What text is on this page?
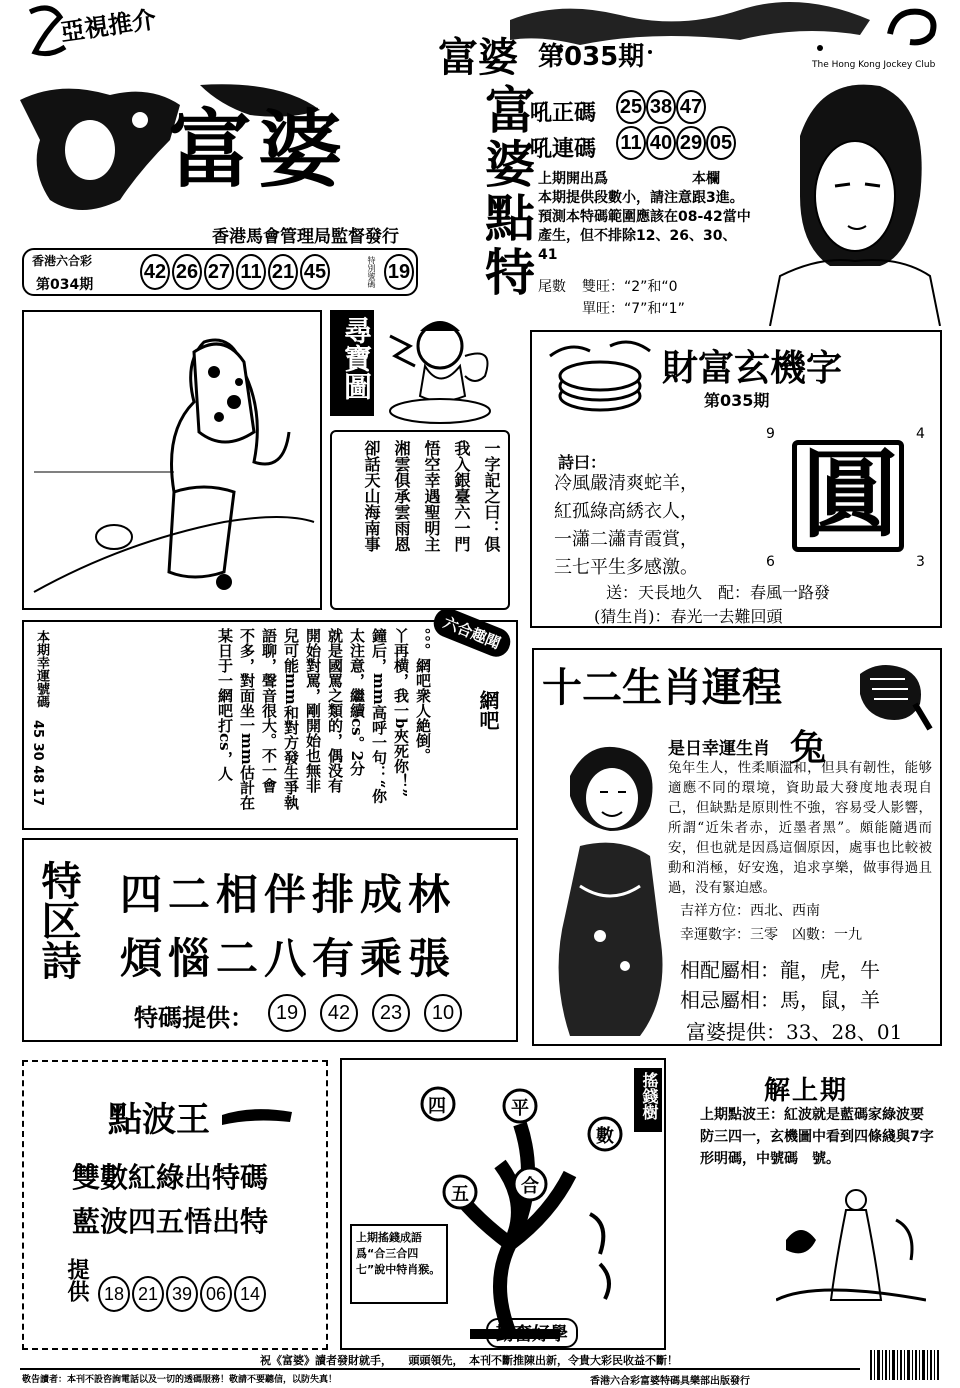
亞視推介
富婆 第035期	The Hong Kong Jockey Club
富婆
香港馬會管理局監督發行
香港六合彩
第034期
42 26 27 11 21 45	特別號碼 19 富婆點特
吼正碼 25 38 47
吼連碼 11 40 29 05
上期開出爲　　　　　　本欄
本期提供段數小，請注意跟3進。
預測本特碼範圍應該在08-42當中
產生，但不排除12、26、30、
41
尾數 雙旺：“2”和“0
單旺：“7”和“1”
尋寶圖
一字記之曰：俱
我入銀臺六一門
悟空幸遇聖明主
湘雲俱承雲雨恩
卻話天山海南事
財富玄機字
第035期
9	4
6	3
詩曰：
冷風嚴清爽蛇羊，
紅孤綠高綉衣人，
一瀟二瀟青霞賞，
三七平生多感激。
圓
送：天長地久　配：春風一路發
(猜生肖)：春光一去難回頭
本期幸運號碼
45 30 48 17	。。。網吧衆人絶倒。
丫再横，我一b夾死你！”
鐘后，mm高呼一句：“你
太注意，繼續cs。2分
就是國罵之類的，偶没有
開始對罵，剛開始也無非
兒可能mm和對方發生爭執
語聊，聲音很大。不一會
不多，對面坐一mm估計在
某日于一網吧打cs，人	六合趣聞
網吧 十二生肖運程
是日幸運生肖 兔
兔年生人，性柔順溫和，但具有韌性，能够適應不同的環境，資助最大發度地表現自己，但缺點是原則性不強，容易受人影響，所謂“近朱者赤，近墨者黑”。頗能隨遇而安，但也就是因爲這個原因，處事也比較被動和消極，好安逸，追求享樂，做事得過且過，没有緊迫感。
吉祥方位：西北、西南
幸運數字：三零　凶數：一九
相配屬相：龍，虎，牛
相忌屬相：馬，鼠，羊
富婆提供：33、28、01
特区詩 四二相伴排成林
煩惱二八有乘張
特碼提供：	19 42 23 10
點波王
雙數紅綠出特碼
藍波四五悟出特
提供 18 21 39 06 14
四	平
數
五	合
搖錢樹
上期搖錢成語爲“合三合四七”說中特肖猴。
勤奮好學
解上期
上期點波王：紅波就是藍碼家綠波要防三四一，玄機圖中看到四條綫與7字形明碼，中號碼　號。
祝《富婆》讀者發財就手，　　頭頭領先，　本刊不斷推陳出新，令貴大彩民收益不斷！
敬告讀者：本刊不設咨詢電話以及一切的透碼服務！敬請不要聽信，以防失真！	香港六合彩富婆特碼具樂部出版發行
